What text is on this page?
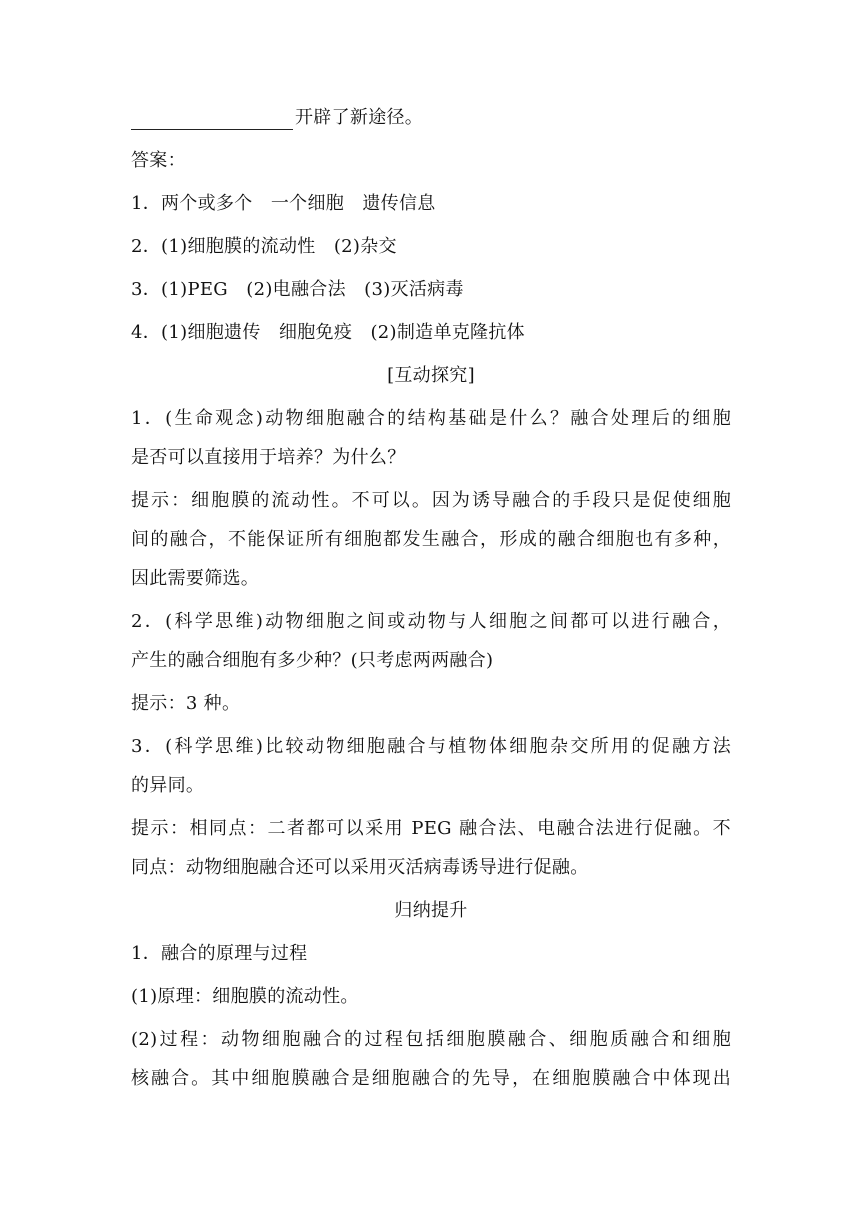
开辟了新途径。
答案：
1．两个或多个　一个细胞　遗传信息
2．(1)细胞膜的流动性　(2)杂交
3．(1)PEG　(2)电融合法　(3)灭活病毒
4．(1)细胞遗传　细胞免疫　(2)制造单克隆抗体
[互动探究]
1．(生命观念)动物细胞融合的结构基础是什么？融合处理后的细胞
是否可以直接用于培养？为什么？
提示：细胞膜的流动性。不可以。因为诱导融合的手段只是促使细胞
间的融合，不能保证所有细胞都发生融合，形成的融合细胞也有多种，
因此需要筛选。
2．(科学思维)动物细胞之间或动物与人细胞之间都可以进行融合，
产生的融合细胞有多少种？(只考虑两两融合)
提示：3 种。
3．(科学思维)比较动物细胞融合与植物体细胞杂交所用的促融方法
的异同。
提示：相同点：二者都可以采用 PEG 融合法、电融合法进行促融。不
同点：动物细胞融合还可以采用灭活病毒诱导进行促融。
归纳提升
1．融合的原理与过程
(1)原理：细胞膜的流动性。
(2)过程：动物细胞融合的过程包括细胞膜融合、细胞质融合和细胞
核融合。其中细胞膜融合是细胞融合的先导，在细胞膜融合中体现出
